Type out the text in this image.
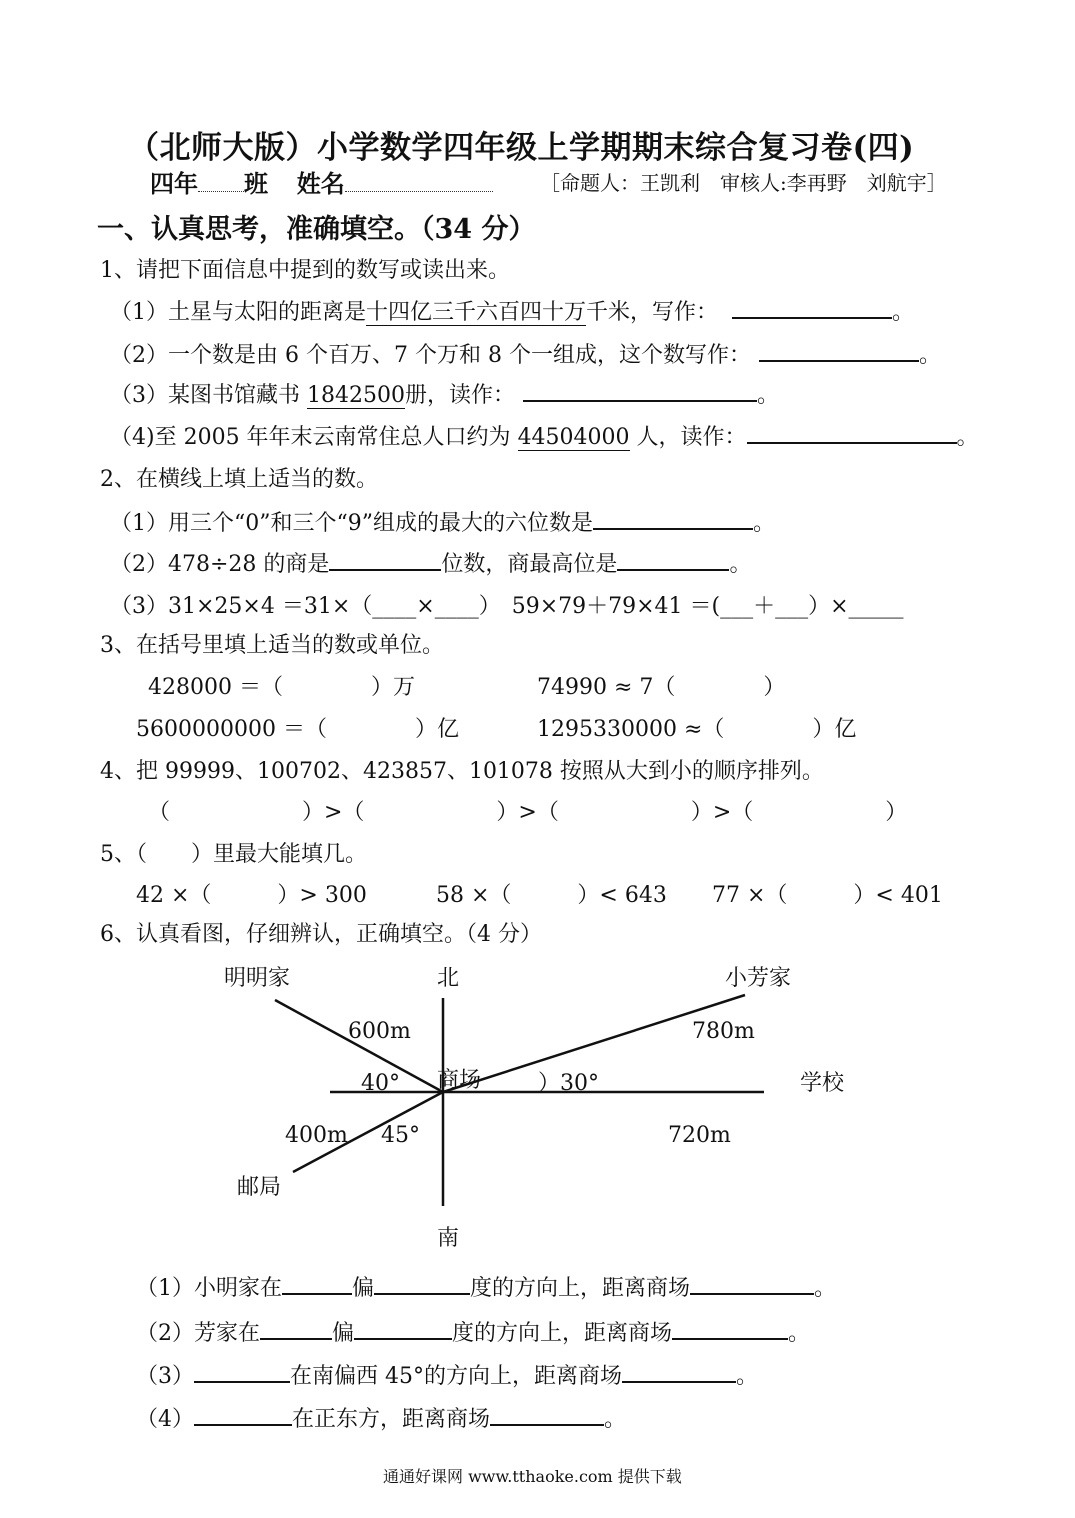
（北师大版）小学数学四年级上学期期末综合复习卷(四)
四年 班 姓名	［命题人：王凯利　审核人:李再野　刘航宇］
一、认真思考，准确填空。（34 分）
1、请把下面信息中提到的数写或读出来。
（1）土星与太阳的距离是十四亿三千六百四十万千米，写作：	。
（2）一个数是由 6 个百万、7 个万和 8 个一组成，这个数写作：	。
（3）某图书馆藏书 1842500册，读作：	。
（4)至 2005 年年末云南常住总人口约为 44504000 人，读作：	。
2、在横线上填上适当的数。
（1）用三个“0”和三个“9”组成的最大的六位数是	。
（2）478÷28 的商是	位数，商最高位是	。
（3）31×25×4 ＝31×（____×____）　59×79＋79×41 ＝(___＋___）×_____
3、在括号里填上适当的数或单位。
428000 ＝（　　　　）万	74990 ≈ 7（　　　　）
5600000000 ＝（　　　　）亿	1295330000 ≈（　　　　）亿
4、把 99999、100702、423857、101078 按照从大到小的顺序排列。
（　　　　　　）>（　　　　　　）>（　　　　　　）>（　　　　　　）
5、（　　）里最大能填几。
42 ×（　　　）> 300	58 ×（　　　）< 643 77 ×（　　　）< 401
6、认真看图，仔细辨认，正确填空。（4 分）
北
南
学校
商场
明明家	小芳家
邮局
600m	780m
400m	720m
40°	）30°
45°
（1）小明家在	偏	度的方向上，距离商场	。
（2）芳家在	偏	度的方向上，距离商场	。
（3）	在南偏西 45°的方向上，距离商场	。
（4）	在正东方，距离商场	。
通通好课网 www.tthaoke.com 提供下载
